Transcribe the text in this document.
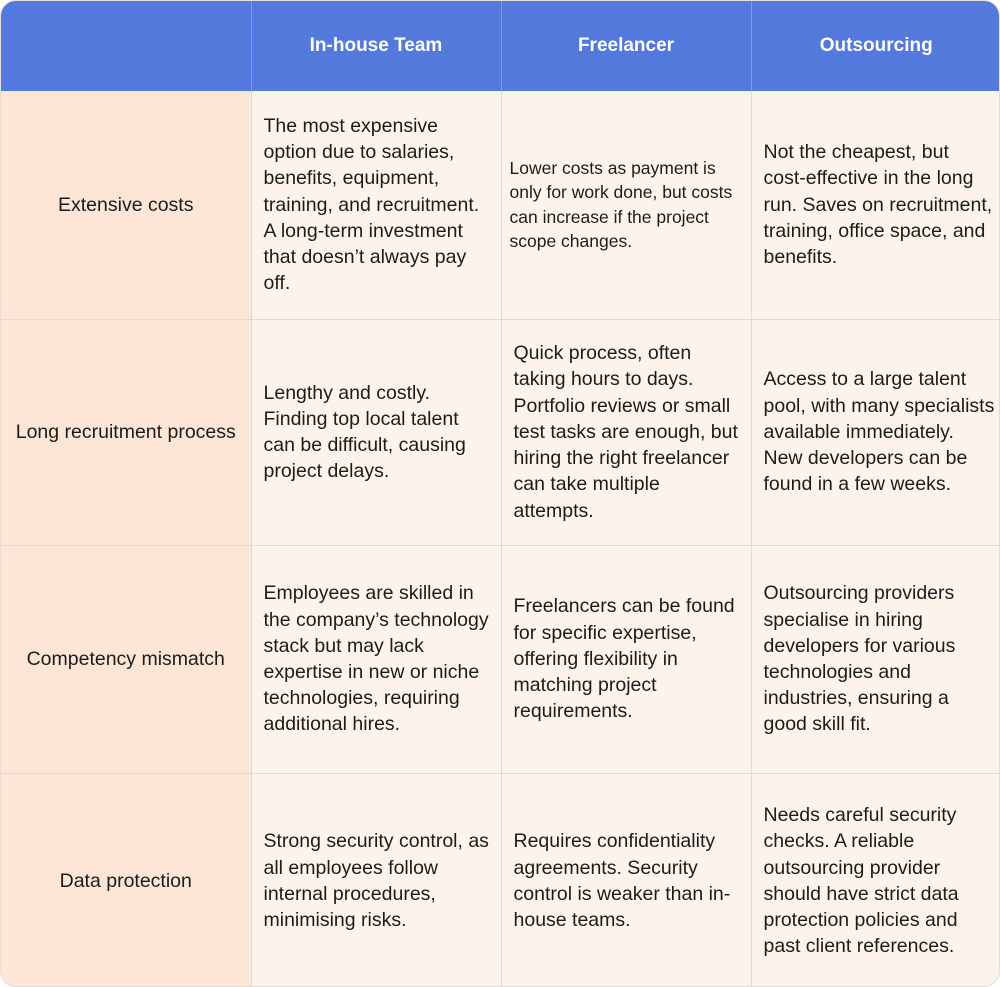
	In-house Team	Freelancer	Outsourcing
Extensive costs	The most expensive option due to salaries, benefits, equipment, training, and recruitment. A long-term investment that doesn’t always pay off.	Lower costs as payment is only for work done, but costs can increase if the project scope changes.	Not the cheapest, but cost-effective in the long run. Saves on recruitment, training, office space, and benefits.
Long recruitment process	Lengthy and costly. Finding top local talent can be difficult, causing project delays.	Quick process, often taking hours to days. Portfolio reviews or small test tasks are enough, but hiring the right freelancer can take multiple attempts.	Access to a large talent pool, with many specialists available immediately. New developers can be found in a few weeks.
Competency mismatch	Employees are skilled in the company’s technology stack but may lack expertise in new or niche technologies, requiring additional hires.	Freelancers can be found for specific expertise, offering flexibility in matching project requirements.	Outsourcing providers specialise in hiring developers for various technologies and industries, ensuring a good skill fit.
Data protection	Strong security control, as all employees follow internal procedures, minimising risks.	Requires confidentiality agreements. Security control is weaker than in-house teams.	Needs careful security checks. A reliable outsourcing provider should have strict data protection policies and past client references.
